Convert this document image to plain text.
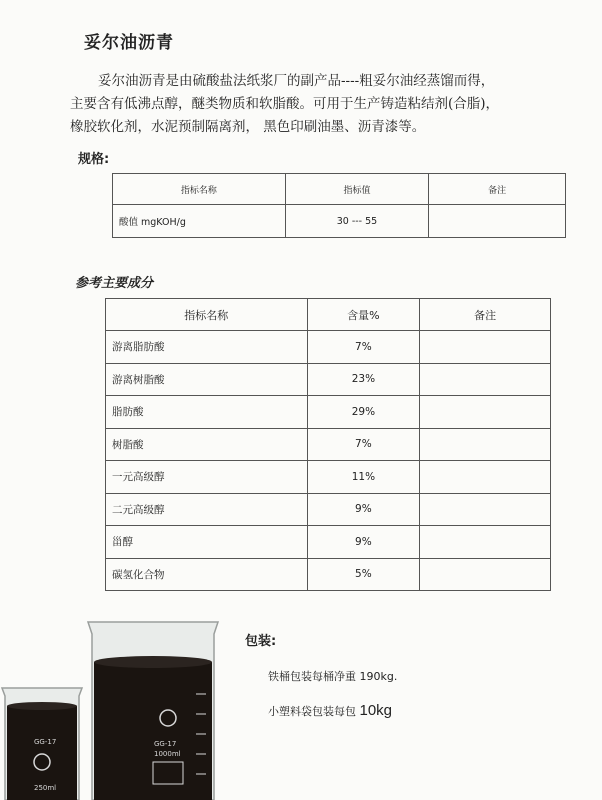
妥尔油沥青

妥尔油沥青是由硫酸盐法纸浆厂的副产品----粗妥尔油经蒸馏而得，

主要含有低沸点醇，醚类物质和软脂酸。可用于生产铸造粘结剂(合脂)，

橡胶软化剂，水泥预制隔离剂， 黑色印刷油墨、沥青漆等。

规格:
指标名称	指标值	备注
酸值 mgKOH/g	30 --- 55	
参考主要成分
指标名称	含量%	备注
游离脂肪酸	7%	
游离树脂酸	23%	
脂肪酸	29%	
树脂酸	7%	
一元高级醇	11%	
二元高级醇	9%	
甾醇	9%	
碳氢化合物	5%	
GG-17
1000ml
GG-17
250ml
包装:
铁桶包装每桶净重 190kg.
小塑料袋包装每包 10kg
